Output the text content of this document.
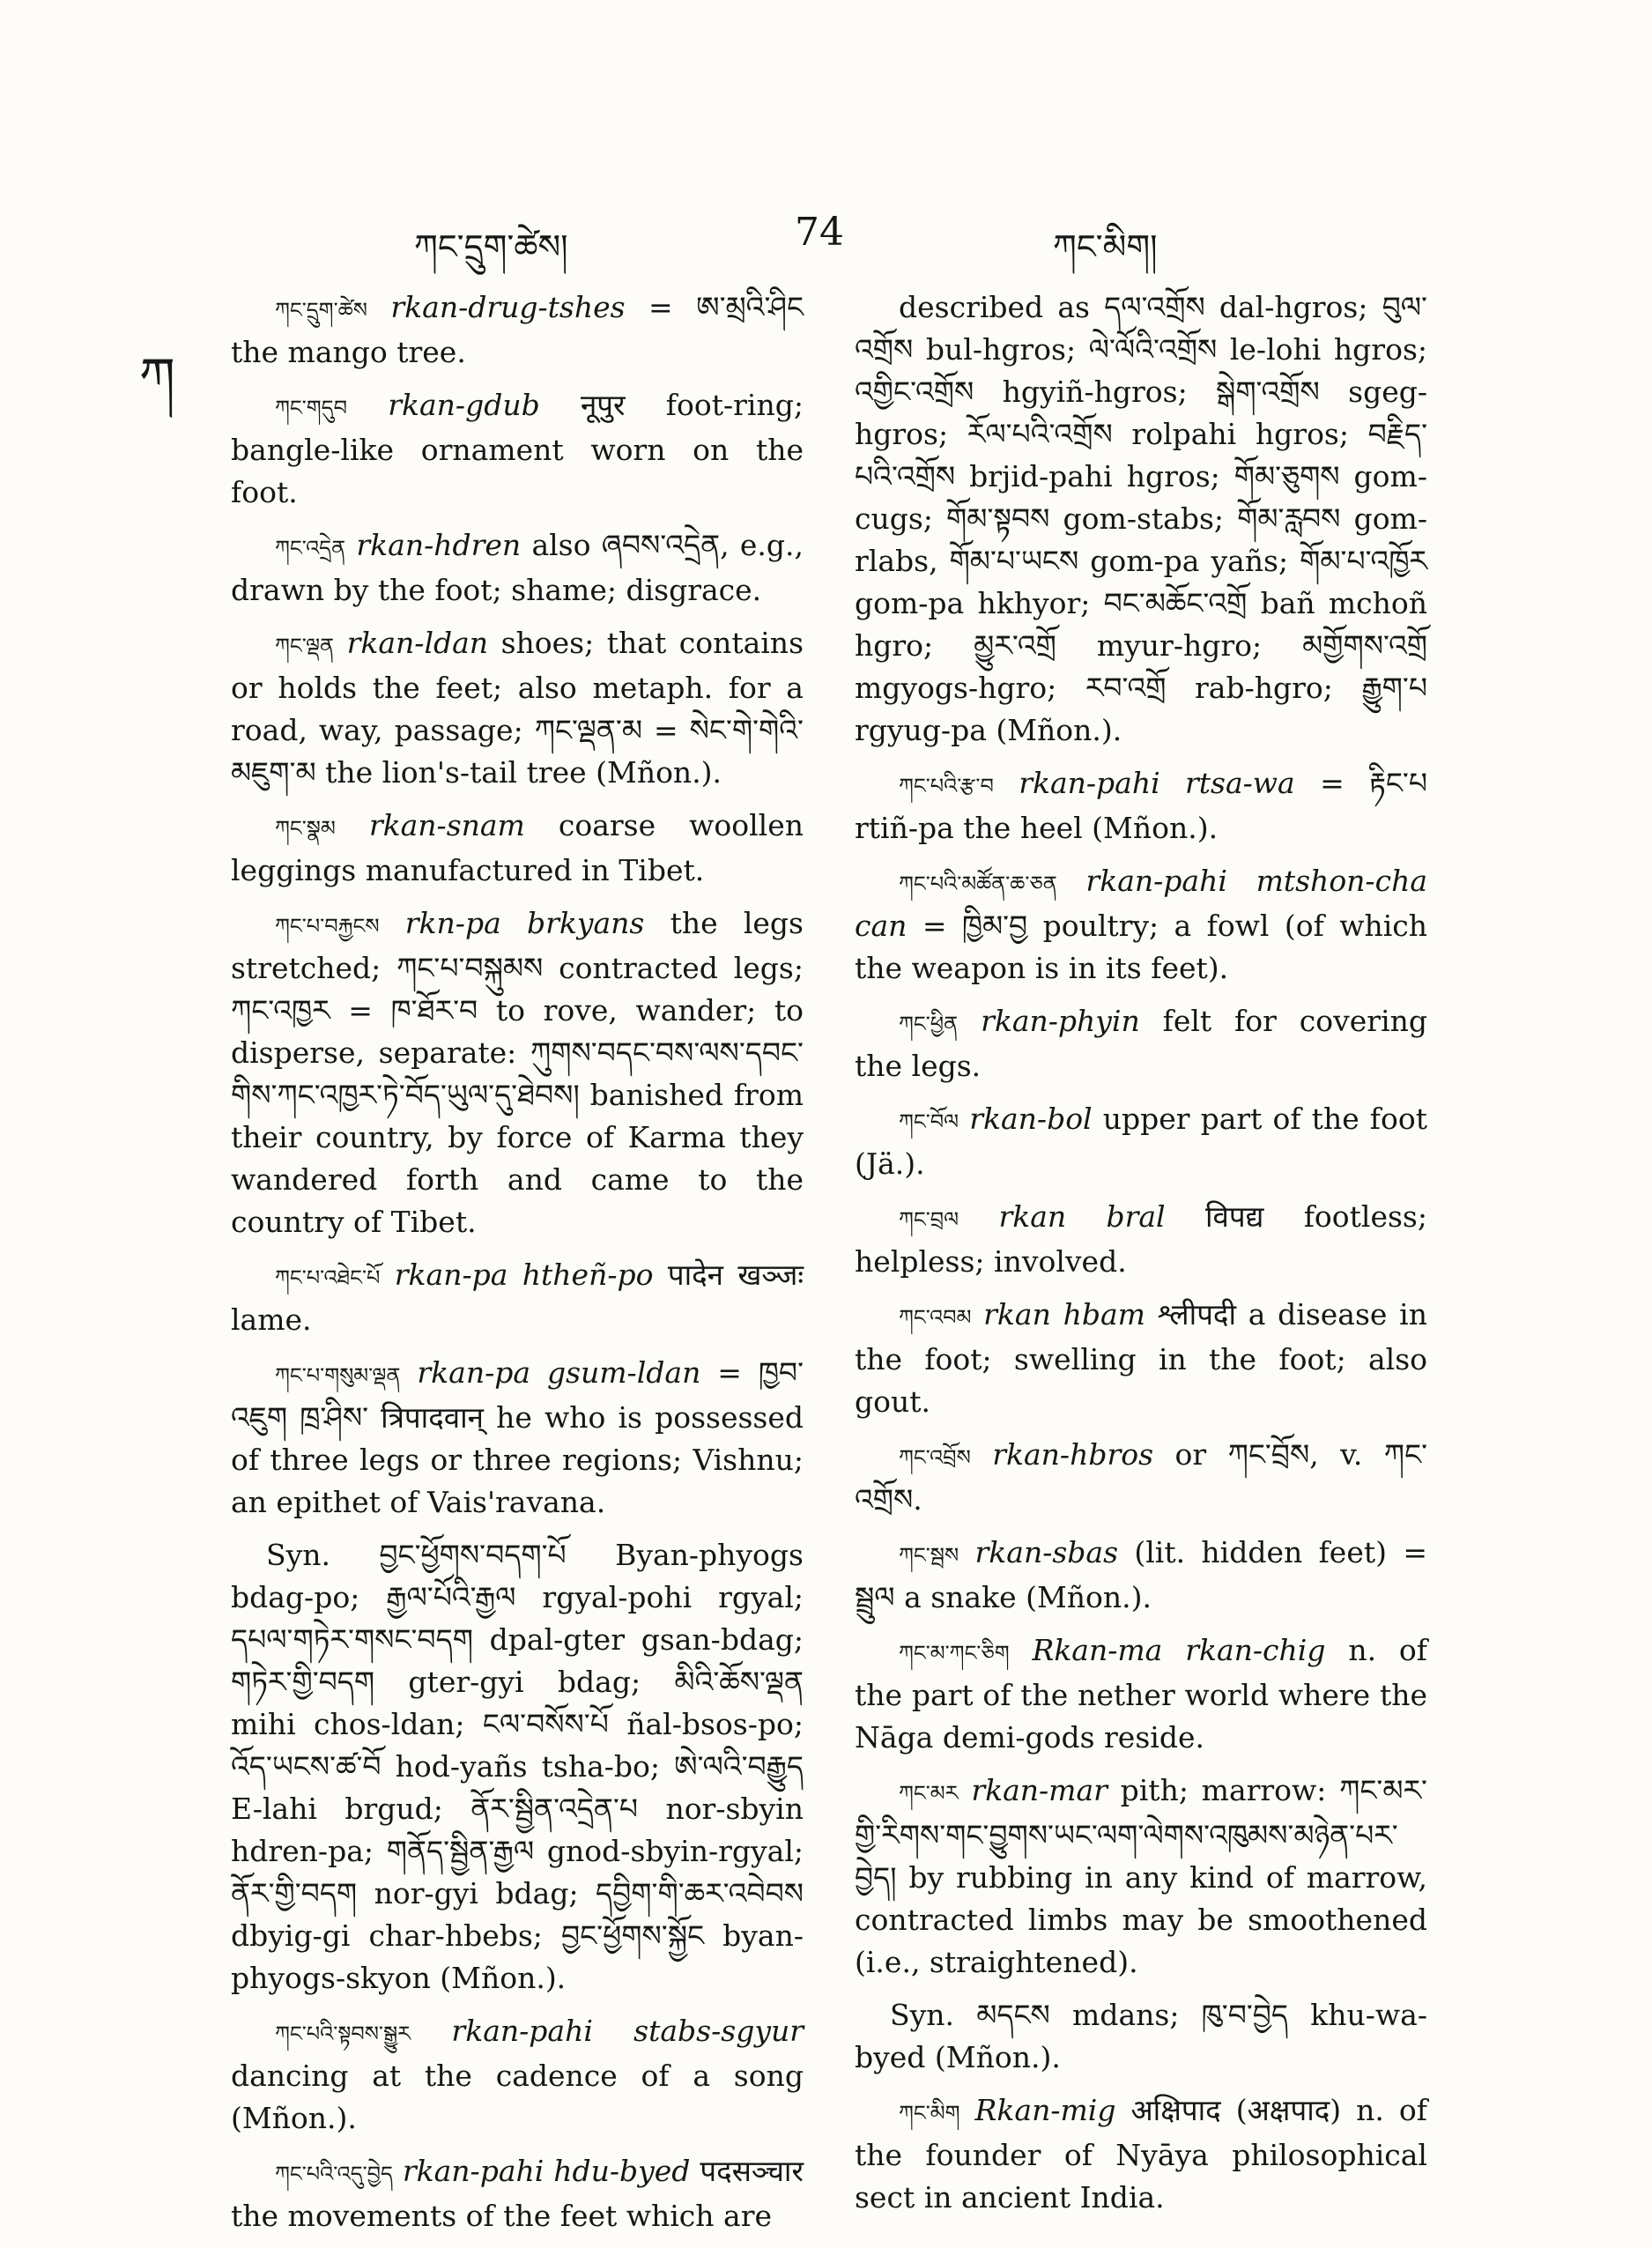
ཀང་དྲུག་ཚེས།	74	ཀང་མིག།
ཀ

ཀང་དྲུག་ཚེས rkan-drug-tshes = ཨ་མྲའི་ཤིང the mango tree.

ཀང་གདུབ rkan-gdub नूपुर foot-ring; bangle-like ornament worn on the foot.

ཀང་འདྲེན rkan-hdren also ཞབས་འདྲེན, e.g., drawn by the foot; shame; disgrace.

ཀང་ལྡན rkan-ldan shoes; that contains or holds the feet; also metaph. for a road, way, passage; ཀང་ལྡན་མ = སེང་གེ་གེའི་མཇུག་མ the lion's-tail tree (Mñon.).

ཀང་སྣམ rkan-snam coarse woollen leggings manufactured in Tibet.

ཀང་པ་བརྐྱངས rkn-pa brkyans the legs stretched; ཀང་པ་བསྐུམས contracted legs; ཀང་འཁྱར = ཁ་ཐོར་བ to rove, wander; to disperse, separate: ཀུགས་བདང་བས་ལས་དབང་གིས་ཀང་འཁྱར་ཏེ་བོད་ཡུལ་དུ་ཐེབས། banished from their country, by force of Karma they wandered forth and came to the country of Tibet.

ཀང་པ་འཐེང་པོ rkan-pa htheñ-po पादेन खञ्जः lame.

ཀང་པ་གསུམ་ལྡན rkan-pa gsum-ldan = ཁྱབ་འཇུག ཁྲ་ཤིས་ त्रिपादवान् he who is possessed of three legs or three regions; Vishnu; an epithet of Vais'ravana.

Syn. བྱང་ཕྱོགས་བདག་པོ Byan-phyogs bdag-po; རྒྱལ་པོའི་རྒྱལ rgyal-pohi rgyal; དཔལ་གཏེར་གསང་བདག dpal-gter gsan-bdag; གཏེར་གྱི་བདག gter-gyi bdag; མིའི་ཆོས་ལྡན mihi chos-ldan; ངལ་བསོས་པོ ñal-bsos-po; འོད་ཡངས་ཚ་བོ hod-yañs tsha-bo; ཨེ་ལའི་བརྒྱུད E-lahi brgud; ནོར་སྦྱིན་འདྲེན་པ nor-sbyin hdren-pa; གནོད་སྦྱིན་རྒྱལ gnod-sbyin-rgyal; ནོར་གྱི་བདག nor-gyi bdag; དབྱིག་གི་ཆར་འབེབས dbyig-gi char-hbebs; བྱང་ཕྱོགས་སྐྱོང byan-phyogs-skyon (Mñon.).

ཀང་པའི་སྟབས་སྒྱུར rkan-pahi stabs-sgyur dancing at the cadence of a song (Mñon.).

ཀང་པའི་འདུ་བྱེད rkan-pahi hdu-byed पदसञ्चार the movements of the feet which are

described as དལ་འགྲོས dal-hgros; བུལ་འགྲོས bul-hgros; ལེ་ལོའི་འགྲོས le-lohi hgros; འགྱིང་འགྲོས hgyiñ-hgros; སྒེག་འགྲོས sgeg-hgros; རོལ་པའི་འགྲོས rolpahi hgros; བརྗིད་པའི་འགྲོས brjid-pahi hgros; གོམ་ཅུགས gom-cugs; གོམ་སྟབས gom-stabs; གོམ་རླབས gom-rlabs, གོམ་པ་ཡངས gom-pa yañs; གོམ་པ་འཁྱོར gom-pa hkhyor; བང་མཆོང་འགྲོ bañ mchoñ hgro; མྱུར་འགྲོ myur-hgro; མགྱོགས་འགྲོ mgyogs-hgro; རབ་འགྲོ rab-hgro; རྒྱུག་པ rgyug-pa (Mñon.).

ཀང་པའི་རྩ་བ rkan-pahi rtsa-wa = རྟིང་པ rtiñ-pa the heel (Mñon.).

ཀང་པའི་མཚོན་ཆ་ཅན rkan-pahi mtshon-cha can = ཁྱིམ་བྱ poultry; a fowl (of which the weapon is in its feet).

ཀང་ཕྱིན rkan-phyin felt for covering the legs.

ཀང་བོལ rkan-bol upper part of the foot (Jä.).

ཀང་བྲལ rkan bral विपद्य footless; helpless; involved.

ཀང་འབམ rkan hbam श्लीपदी a disease in the foot; swelling in the foot; also gout.

ཀང་འབྲོས rkan-hbros or ཀང་བྲོས, v. ཀང་འགྲོས.

ཀང་སྦས rkan-sbas (lit. hidden feet) = སྦྲུལ a snake (Mñon.).

ཀང་མ་ཀང་ཅིག Rkan-ma rkan-chig n. of the part of the nether world where the Nāga demi-gods reside.

ཀང་མར rkan-mar pith; marrow: ཀང་མར་གྱི་རིགས་གང་བྱུགས་ཡང་ལག་ལེགས་འཁུམས་མཉེན་པར་བྱེད། by rubbing in any kind of marrow, contracted limbs may be smoothened (i.e., straightened).

Syn. མདངས mdans; ཁུ་བ་བྱེད khu-wa-byed (Mñon.).

ཀང་མིག Rkan-mig अक्षिपाद (अक्षपाद) n. of the founder of Nyāya philosophical sect in ancient India.
